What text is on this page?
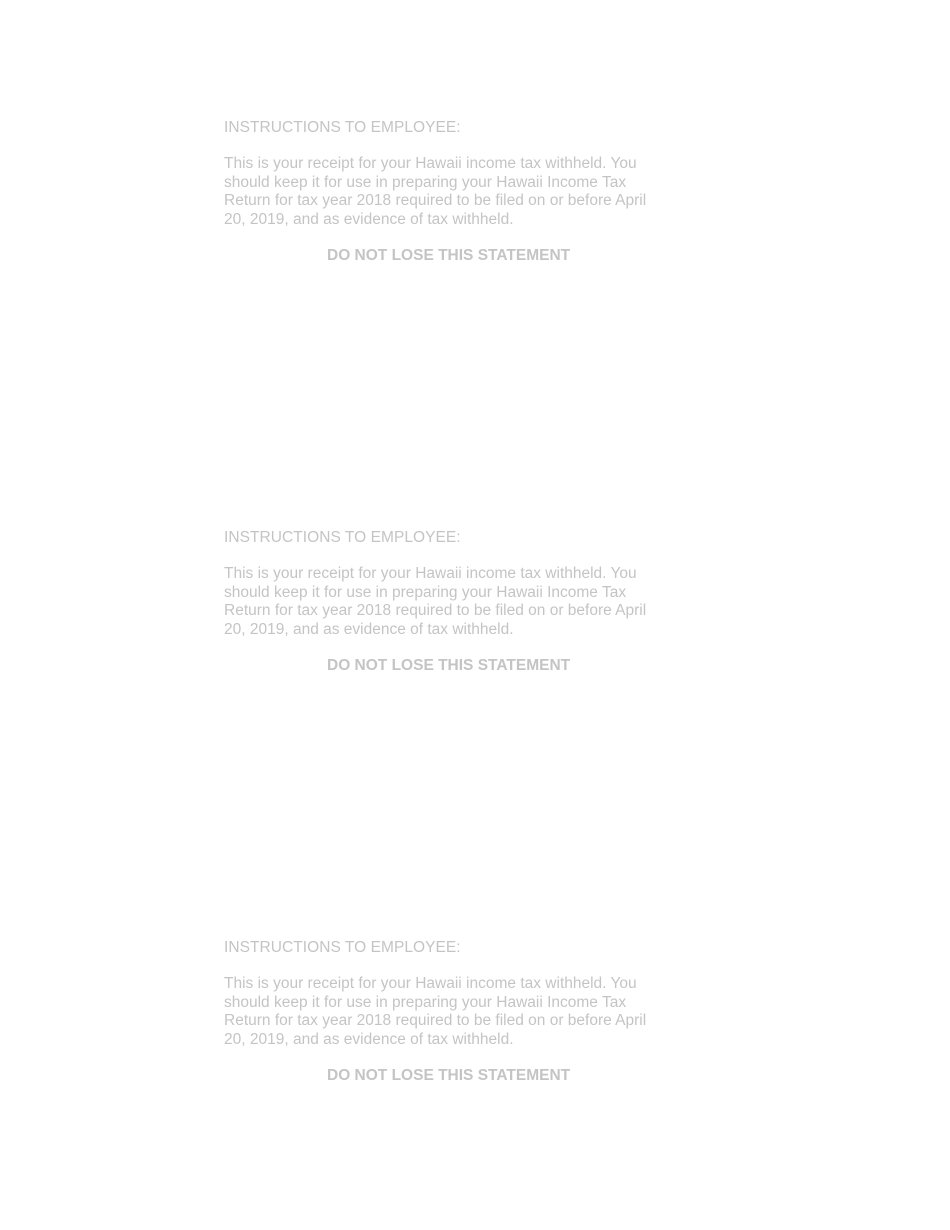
INSTRUCTIONS TO EMPLOYEE:

This is your receipt for your Hawaii income tax withheld. You should keep it for use in preparing your Hawaii Income Tax Return for tax year 2018 required to be filed on or before April 20, 2019, and as evidence of tax withheld.

DO NOT LOSE THIS STATEMENT

INSTRUCTIONS TO EMPLOYEE:

This is your receipt for your Hawaii income tax withheld. You should keep it for use in preparing your Hawaii Income Tax Return for tax year 2018 required to be filed on or before April 20, 2019, and as evidence of tax withheld.

DO NOT LOSE THIS STATEMENT

INSTRUCTIONS TO EMPLOYEE:

This is your receipt for your Hawaii income tax withheld. You should keep it for use in preparing your Hawaii Income Tax Return for tax year 2018 required to be filed on or before April 20, 2019, and as evidence of tax withheld.

DO NOT LOSE THIS STATEMENT
